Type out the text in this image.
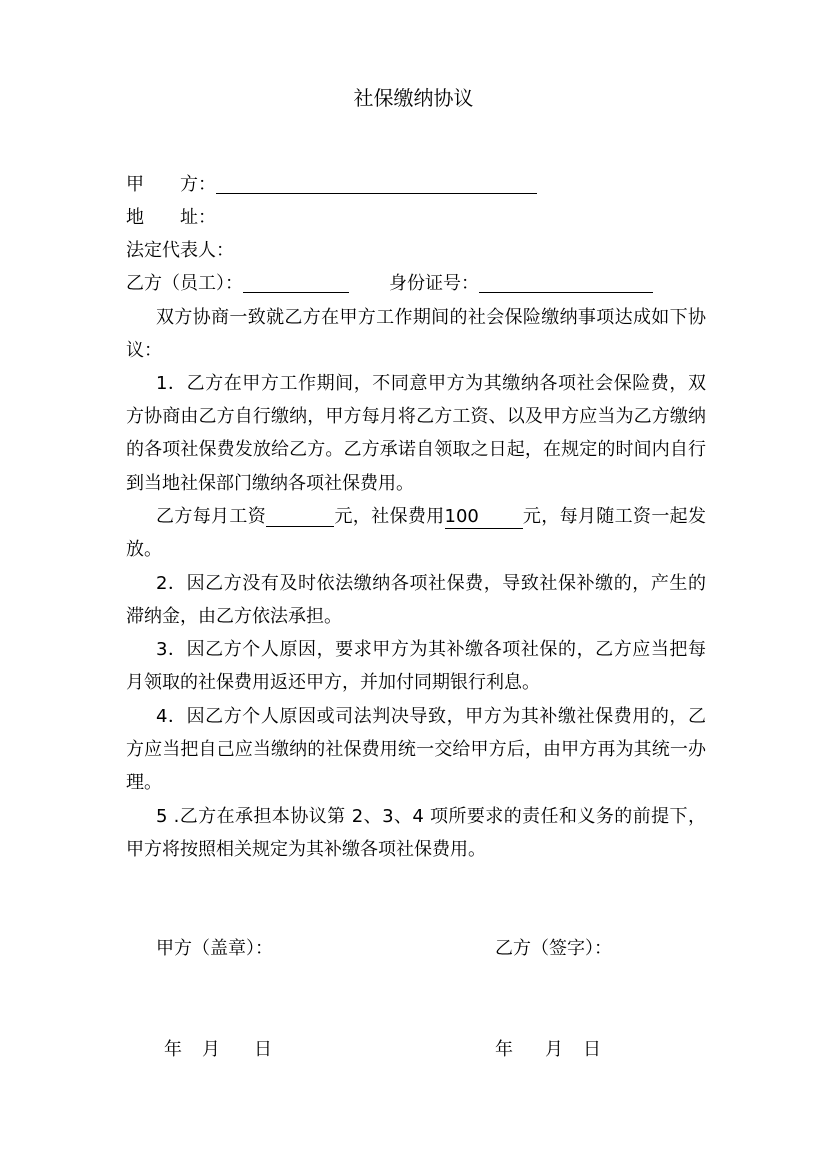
社保缴纳协议
甲　　方：
地　　址：
法定代表人：
乙方（员工）：	身份证号：
双方协商一致就乙方在甲方工作期间的社会保险缴纳事项达成如下协议：
1．乙方在甲方工作期间，不同意甲方为其缴纳各项社会保险费，双方协商由乙方自行缴纳，甲方每月将乙方工资、以及甲方应当为乙方缴纳的各项社保费发放给乙方。乙方承诺自领取之日起，在规定的时间内自行到当地社保部门缴纳各项社保费用。
乙方每月工资	元，社保费用100 元，每月随工资一起发放。
2．因乙方没有及时依法缴纳各项社保费，导致社保补缴的，产生的滞纳金，由乙方依法承担。
3．因乙方个人原因，要求甲方为其补缴各项社保的，乙方应当把每月领取的社保费用返还甲方，并加付同期银行利息。
4．因乙方个人原因或司法判决导致，甲方为其补缴社保费用的，乙方应当把自己应当缴纳的社保费用统一交给甲方后，由甲方再为其统一办理。
5 .乙方在承担本协议第 2、3、4 项所要求的责任和义务的前提下，甲方将按照相关规定为其补缴各项社保费用。
甲方（盖章）：	乙方（签字）：
年 月 日	年 月 日
